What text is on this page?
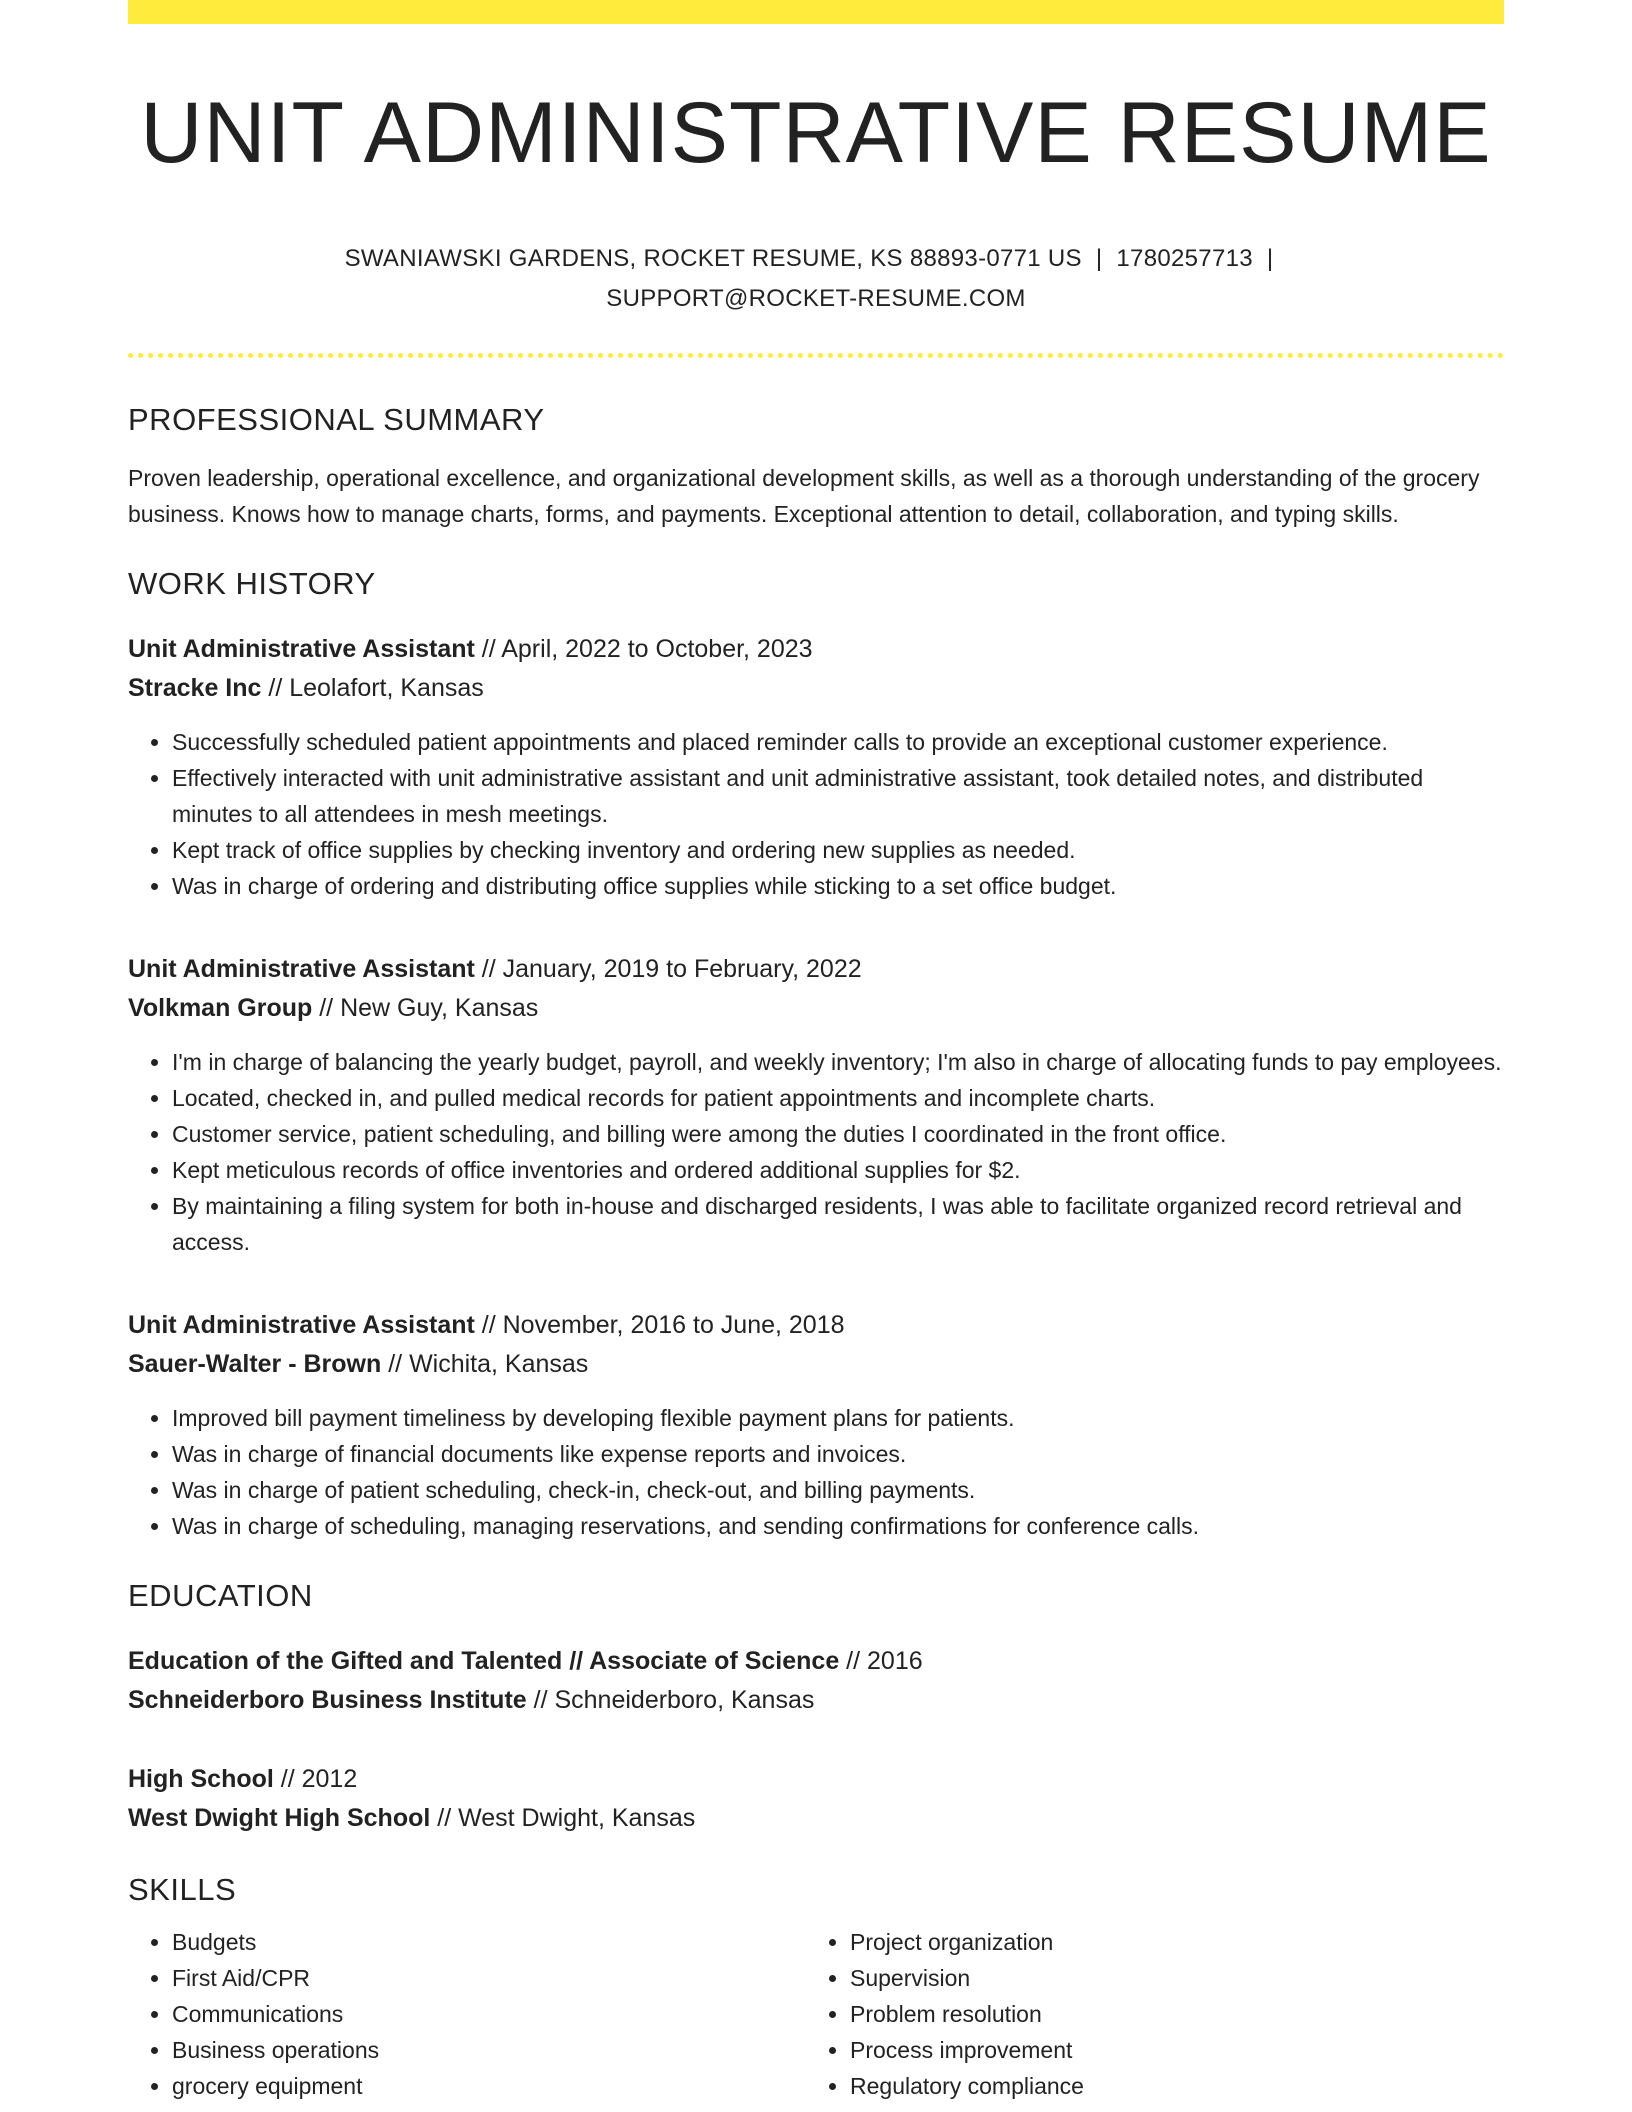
UNIT ADMINISTRATIVE RESUME
SWANIAWSKI GARDENS, ROCKET RESUME, KS 88893-0771 US | 1780257713 |
SUPPORT@ROCKET-RESUME.COM
PROFESSIONAL SUMMARY

Proven leadership, operational excellence, and organizational development skills, as well as a thorough understanding of the grocery business. Knows how to manage charts, forms, and payments. Exceptional attention to detail, collaboration, and typing skills.

WORK HISTORY
Unit Administrative Assistant // April, 2022 to October, 2023
Stracke Inc // Leolafort, Kansas
• Successfully scheduled patient appointments and placed reminder calls to provide an exceptional customer experience.
• Effectively interacted with unit administrative assistant and unit administrative assistant, took detailed notes, and distributed minutes to all attendees in mesh meetings.
• Kept track of office supplies by checking inventory and ordering new supplies as needed.
• Was in charge of ordering and distributing office supplies while sticking to a set office budget.
Unit Administrative Assistant // January, 2019 to February, 2022
Volkman Group // New Guy, Kansas
• I'm in charge of balancing the yearly budget, payroll, and weekly inventory; I'm also in charge of allocating funds to pay employees.
• Located, checked in, and pulled medical records for patient appointments and incomplete charts.
• Customer service, patient scheduling, and billing were among the duties I coordinated in the front office.
• Kept meticulous records of office inventories and ordered additional supplies for $2.
• By maintaining a filing system for both in-house and discharged residents, I was able to facilitate organized record retrieval and access.
Unit Administrative Assistant // November, 2016 to June, 2018
Sauer-Walter - Brown // Wichita, Kansas
• Improved bill payment timeliness by developing flexible payment plans for patients.
• Was in charge of financial documents like expense reports and invoices.
• Was in charge of patient scheduling, check-in, check-out, and billing payments.
• Was in charge of scheduling, managing reservations, and sending confirmations for conference calls.
EDUCATION
Education of the Gifted and Talented // Associate of Science // 2016
Schneiderboro Business Institute // Schneiderboro, Kansas
High School // 2012
West Dwight High School // West Dwight, Kansas
SKILLS
• Budgets
• First Aid/CPR
• Communications
• Business operations
• grocery equipment
• Project organization
• Supervision
• Problem resolution
• Process improvement
• Regulatory compliance
